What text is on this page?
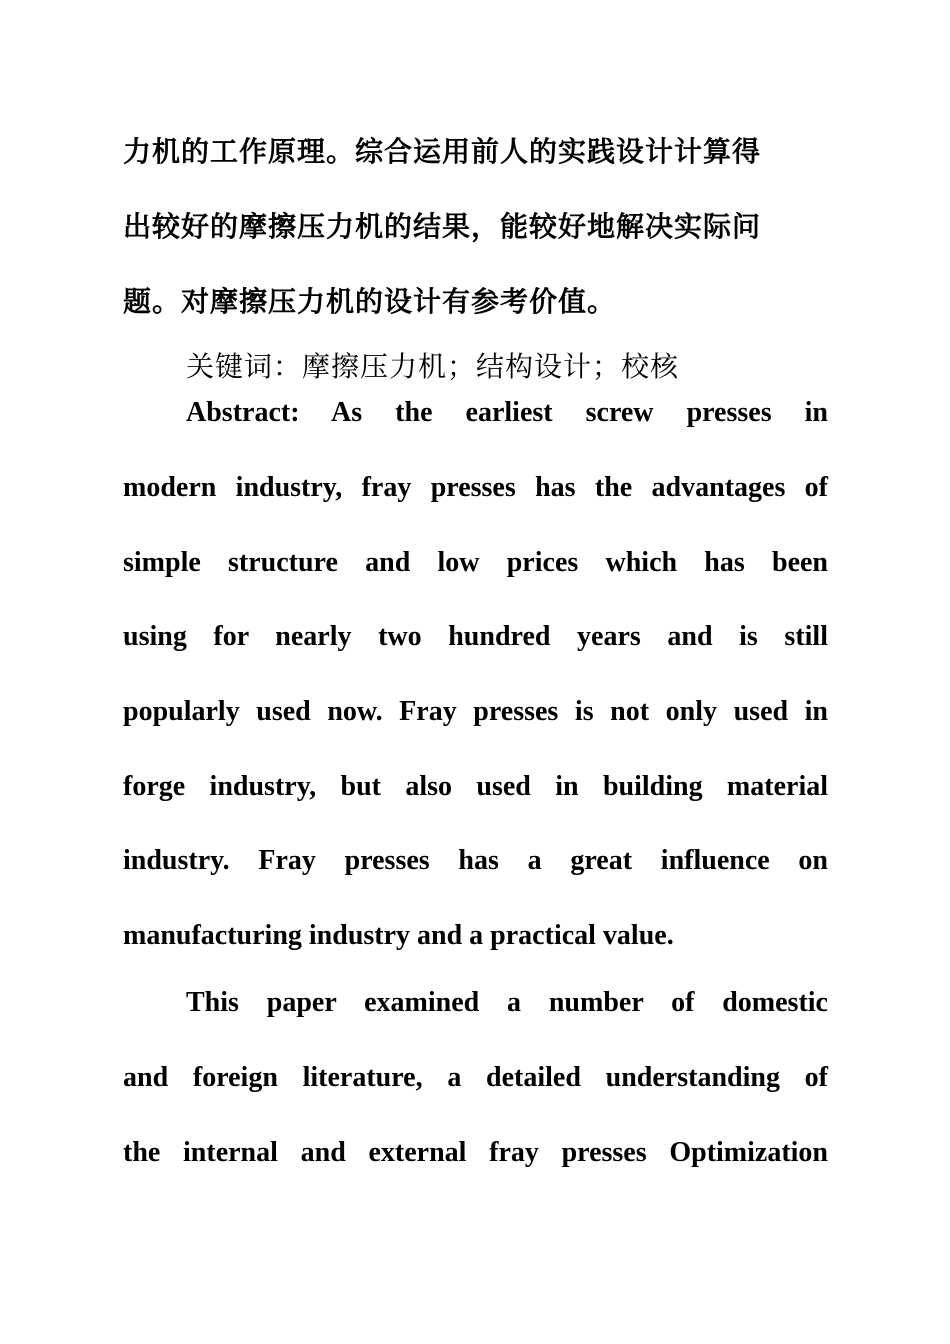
力机的工作原理。综合运用前人的实践设计计算得
出较好的摩擦压力机的结果，能较好地解决实际问
题。对摩擦压力机的设计有参考价值。
关键词：摩擦压力机；结构设计；校核
Abstract: As the earliest screw presses in
modern industry, fray presses has the advantages of
simple structure and low prices which has been
using for nearly two hundred years and is still
popularly used now. Fray presses is not only used in
forge industry, but also used in building material
industry. Fray presses has a great influence on
manufacturing industry and a practical value.
This paper examined a number of domestic
and foreign literature, a detailed understanding of
the internal and external fray presses Optimization
